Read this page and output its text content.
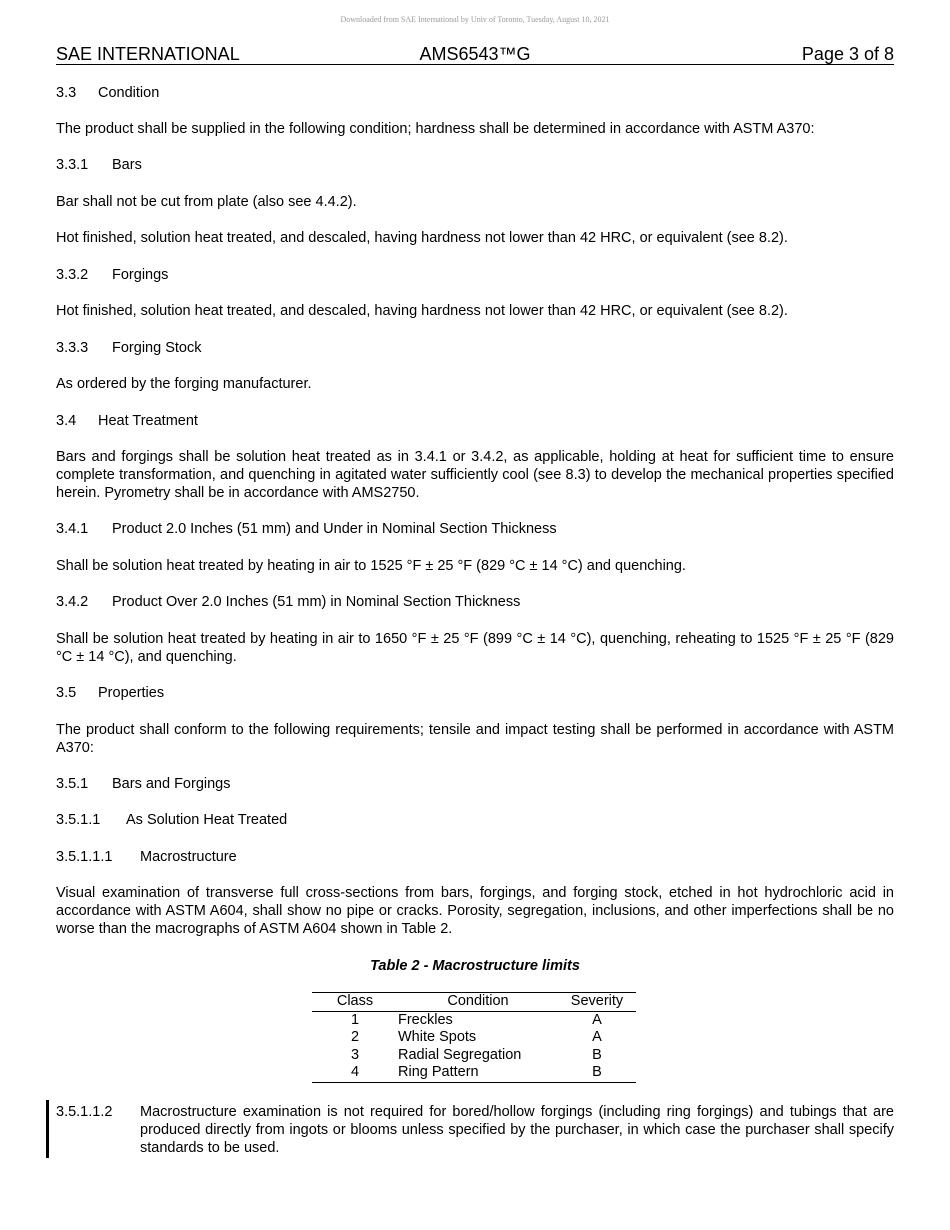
Downloaded from SAE International by Univ of Toronto, Tuesday, August 10, 2021
AMS6543™G
SAE INTERNATIONAL	Page 3 of 8
3.3 Condition
The product shall be supplied in the following condition; hardness shall be determined in accordance with ASTM A370:
3.3.1 Bars
Bar shall not be cut from plate (also see 4.4.2).
Hot finished, solution heat treated, and descaled, having hardness not lower than 42 HRC, or equivalent (see 8.2).
3.3.2 Forgings
Hot finished, solution heat treated, and descaled, having hardness not lower than 42 HRC, or equivalent (see 8.2).
3.3.3 Forging Stock
As ordered by the forging manufacturer.
3.4 Heat Treatment
Bars and forgings shall be solution heat treated as in 3.4.1 or 3.4.2, as applicable, holding at heat for sufficient time to ensure complete transformation, and quenching in agitated water sufficiently cool (see 8.3) to develop the mechanical properties specified herein. Pyrometry shall be in accordance with AMS2750.
3.4.1 Product 2.0 Inches (51 mm) and Under in Nominal Section Thickness
Shall be solution heat treated by heating in air to 1525 °F ± 25 °F (829 °C ± 14 °C) and quenching.
3.4.2 Product Over 2.0 Inches (51 mm) in Nominal Section Thickness
Shall be solution heat treated by heating in air to 1650 °F ± 25 °F (899 °C ± 14 °C), quenching, reheating to 1525 °F ± 25 °F (829 °C ± 14 °C), and quenching.
3.5 Properties
The product shall conform to the following requirements; tensile and impact testing shall be performed in accordance with ASTM A370:
3.5.1 Bars and Forgings
3.5.1.1 As Solution Heat Treated
3.5.1.1.1 Macrostructure
Visual examination of transverse full cross-sections from bars, forgings, and forging stock, etched in hot hydrochloric acid in accordance with ASTM A604, shall show no pipe or cracks. Porosity, segregation, inclusions, and other imperfections shall be no worse than the macrographs of ASTM A604 shown in Table 2.
Table 2 - Macrostructure limits
Class	Condition	Severity
1	Freckles	A
2	White Spots	A
3	Radial Segregation	B
4	Ring Pattern	B
3.5.1.1.2 Macrostructure examination is not required for bored/hollow forgings (including ring forgings) and tubings that are produced directly from ingots or blooms unless specified by the purchaser, in which case the purchaser shall specify standards to be used.
